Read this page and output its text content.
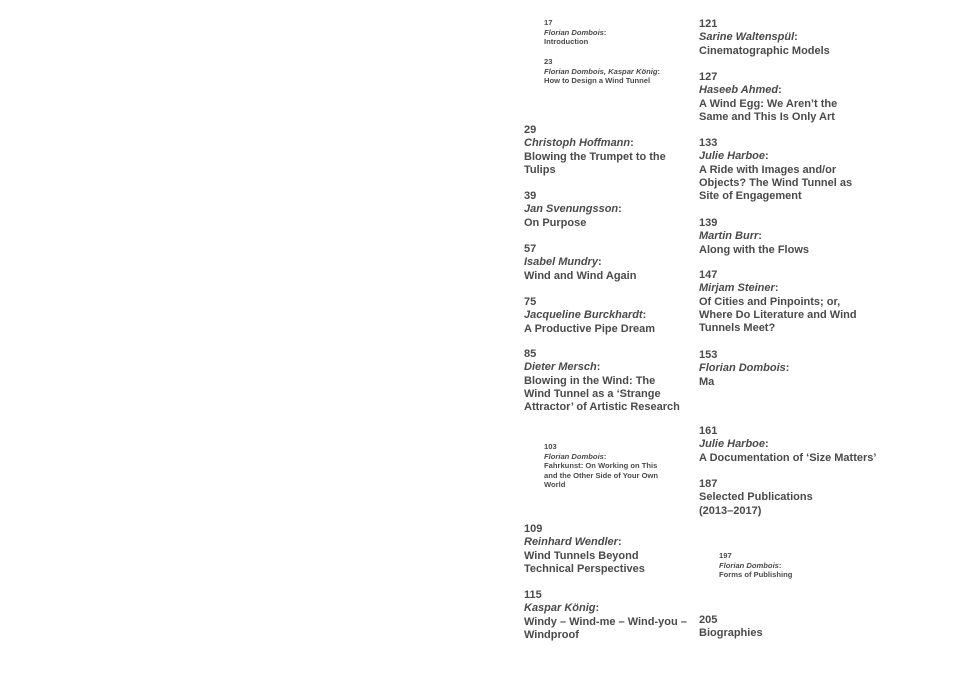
17
Florian Dombois :
Introduction
23
Florian Dombois, Kaspar König :
How to Design a Wind Tunnel
29
Christoph Hoffmann :
Blowing the Trumpet to the Tulips
39
Jan Svenungsson :
On Purpose
57
Isabel Mundry :
Wind and Wind Again
75
Jacqueline Burckhardt :
A Productive Pipe Dream
85
Dieter Mersch :
Blowing in the Wind: The Wind Tunnel as a ‘Strange Attractor’ of Artistic Research
103
Florian Dombois :
Fahrkunst: On Working on This and the Other Side of Your Own World
109
Reinhard Wendler :
Wind Tunnels Beyond Technical Perspectives
115
Kaspar König :
Windy – Wind-me – Wind-you – Windproof
121
Sarine Waltenspül :
Cinematographic Models
127
Haseeb Ahmed :
A Wind Egg: We Aren’t the Same and This Is Only Art
133
Julie Harboe :
A Ride with Images and/or Objects? The Wind Tunnel as Site of Engagement
139
Martin Burr :
Along with the Flows
147
Mirjam Steiner :
Of Cities and Pinpoints; or, Where Do Literature and Wind Tunnels Meet?
153
Florian Dombois :
Ma
161
Julie Harboe :
A Documentation of ‘Size Matters’
187
Selected Publications (2013–2017)
197
Florian Dombois :
Forms of Publishing
205
Biographies
